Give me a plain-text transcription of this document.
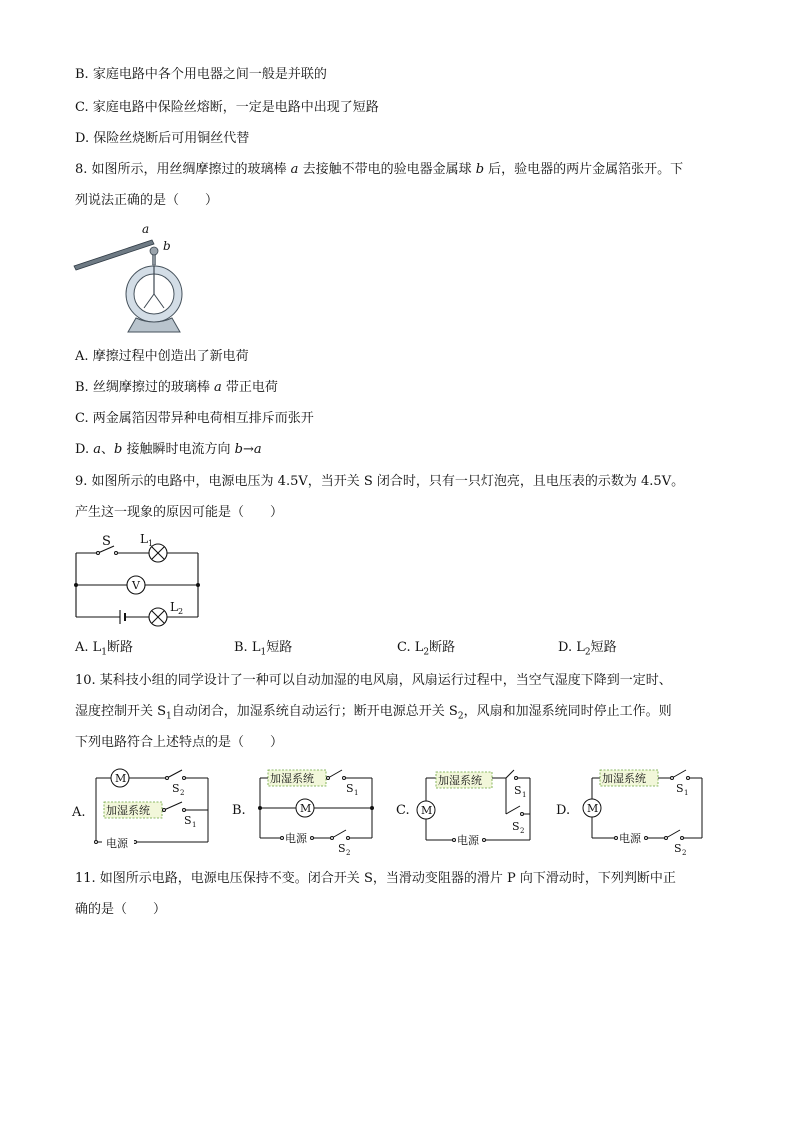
B. 家庭电路中各个用电器之间一般是并联的
C. 家庭电路中保险丝熔断，一定是电路中出现了短路
D. 保险丝烧断后可用铜丝代替
8. 如图所示，用丝绸摩擦过的玻璃棒 a 去接触不带电的验电器金属球 b 后，验电器的两片金属箔张开。下
列说法正确的是（　　）
a
b
A. 摩擦过程中创造出了新电荷
B. 丝绸摩擦过的玻璃棒 a 带正电荷
C. 两金属箔因带异种电荷相互排斥而张开
D. a、b 接触瞬时电流方向 b→a
9. 如图所示的电路中，电源电压为 4.5V，当开关 S 闭合时，只有一只灯泡亮，且电压表的示数为 4.5V。
产生这一现象的原因可能是（　　）
S L 1
V
L 2
A. $L_1$断路	B. $L_1$短路	C. $L_2$断路	D. $L_2$短路
10. 某科技小组的同学设计了一种可以自动加湿的电风扇，风扇运行过程中，当空气湿度下降到一定时、
湿度控制开关 $S_1$自动闭合，加湿系统自动运行；断开电源总开关 $S_2$，风扇和加湿系统同时停止工作。则
下列电路符合上述特点的是（　　）
A. 加湿系统
M
S 2
S 1
电源
B.
加湿系统
M
S 1
S 2
电源
C.
加湿系统
M
S 1
S 2
电源
D.
加湿系统
M
S 1
S 2
电源
11. 如图所示电路，电源电压保持不变。闭合开关 S，当滑动变阻器的滑片 P 向下滑动时，下列判断中正
确的是（　　）
